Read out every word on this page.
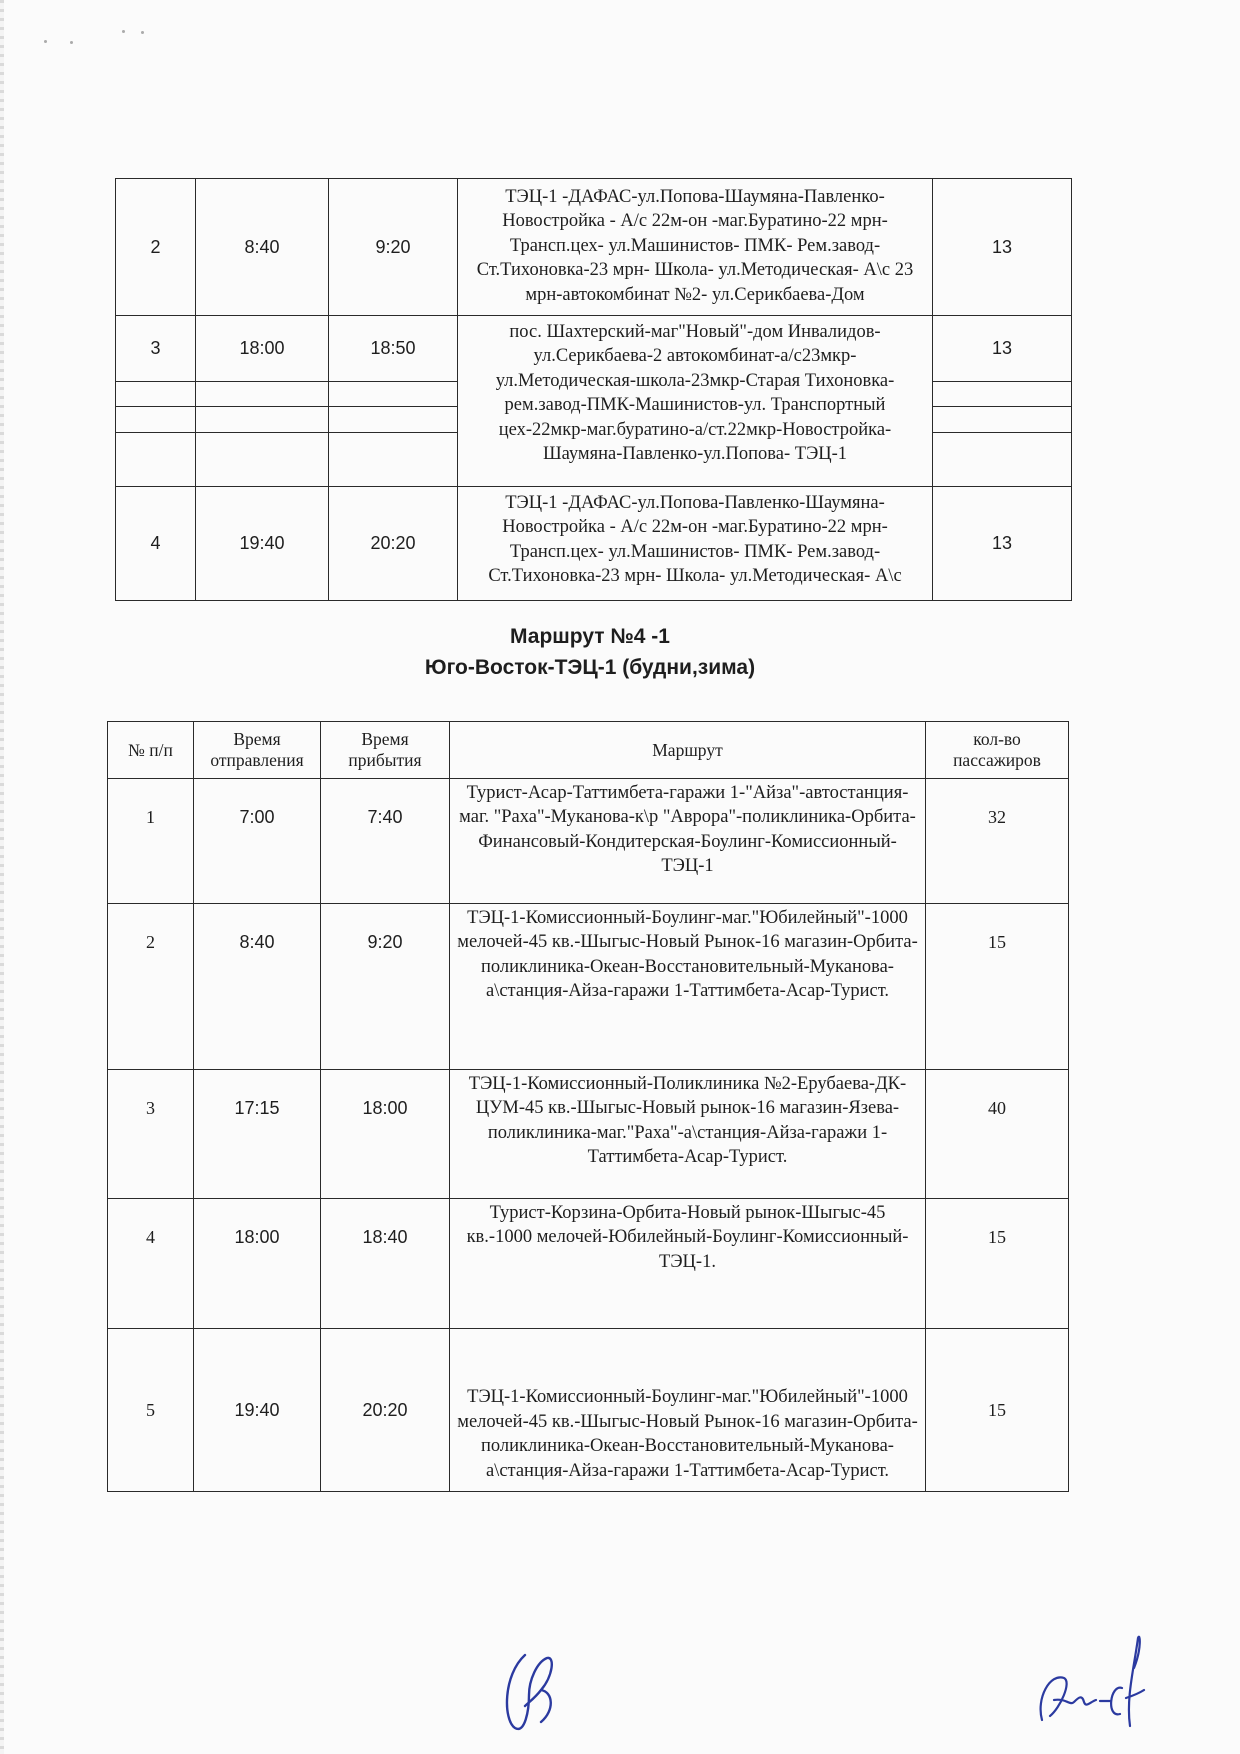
2	8:40	9:20	ТЭЦ-1 -ДАФАС-ул.Попова-Шаумяна-Павленко-Новостройка - А/с 22м-он -маг.Буратино-22 мрн-Трансп.цех- ул.Машинистов- ПМК- Рем.завод-Ст.Тихоновка-23 мрн- Школа- ул.Методическая- А\с 23 мрн-автокомбинат №2- ул.Серикбаева-Дом	13
3	18:00	18:50	пос. Шахтерский-маг"Новый"-дом Инвалидов-ул.Серикбаева-2 автокомбинат-а/с23мкр-ул.Методическая-школа-23мкр-Старая Тихоновка-рем.завод-ПМК-Машинистов-ул. Транспортный цех-22мкр-маг.буратино-а/ст.22мкр-Новостройка-Шаумяна-Павленко-ул.Попова- ТЭЦ-1	13

4	19:40	20:20	ТЭЦ-1 -ДАФАС-ул.Попова-Павленко-Шаумяна-Новостройка - А/с 22м-он -маг.Буратино-22 мрн-Трансп.цех- ул.Машинистов- ПМК- Рем.завод-Ст.Тихоновка-23 мрн- Школа- ул.Методическая- А\с	13
Маршрут №4 -1
Юго-Восток-ТЭЦ-1 (будни,зима)
№ п/п	Время отправления	Время прибытия	Маршрут	кол-во пассажиров
1	7:00	7:40	Турист-Асар-Таттимбета-гаражи 1-"Айза"-автостанция-маг. "Раха"-Муканова-к\р "Аврора"-поликлиника-Орбита-Финансовый-Кондитерская-Боулинг-Комиссионный-ТЭЦ-1	32
2	8:40	9:20	ТЭЦ-1-Комиссионный-Боулинг-маг."Юбилейный"-1000 мелочей-45 кв.-Шыгыс-Новый Рынок-16 магазин-Орбита-поликлиника-Океан-Восстановительный-Муканова-а\станция-Айза-гаражи 1-Таттимбета-Асар-Турист.	15
3	17:15	18:00	ТЭЦ-1-Комиссионный-Поликлиника №2-Ерубаева-ДК-ЦУМ-45 кв.-Шыгыс-Новый рынок-16 магазин-Язева-поликлиника-маг."Раха"-а\станция-Айза-гаражи 1-Таттимбета-Асар-Турист.	40
4	18:00	18:40	Турист-Корзина-Орбита-Новый рынок-Шыгыс-45 кв.-1000 мелочей-Юбилейный-Боулинг-Комиссионный-ТЭЦ-1.	15
5	19:40	20:20	ТЭЦ-1-Комиссионный-Боулинг-маг."Юбилейный"-1000 мелочей-45 кв.-Шыгыс-Новый Рынок-16 магазин-Орбита-поликлиника-Океан-Восстановительный-Муканова-а\станция-Айза-гаражи 1-Таттимбета-Асар-Турист.	15
